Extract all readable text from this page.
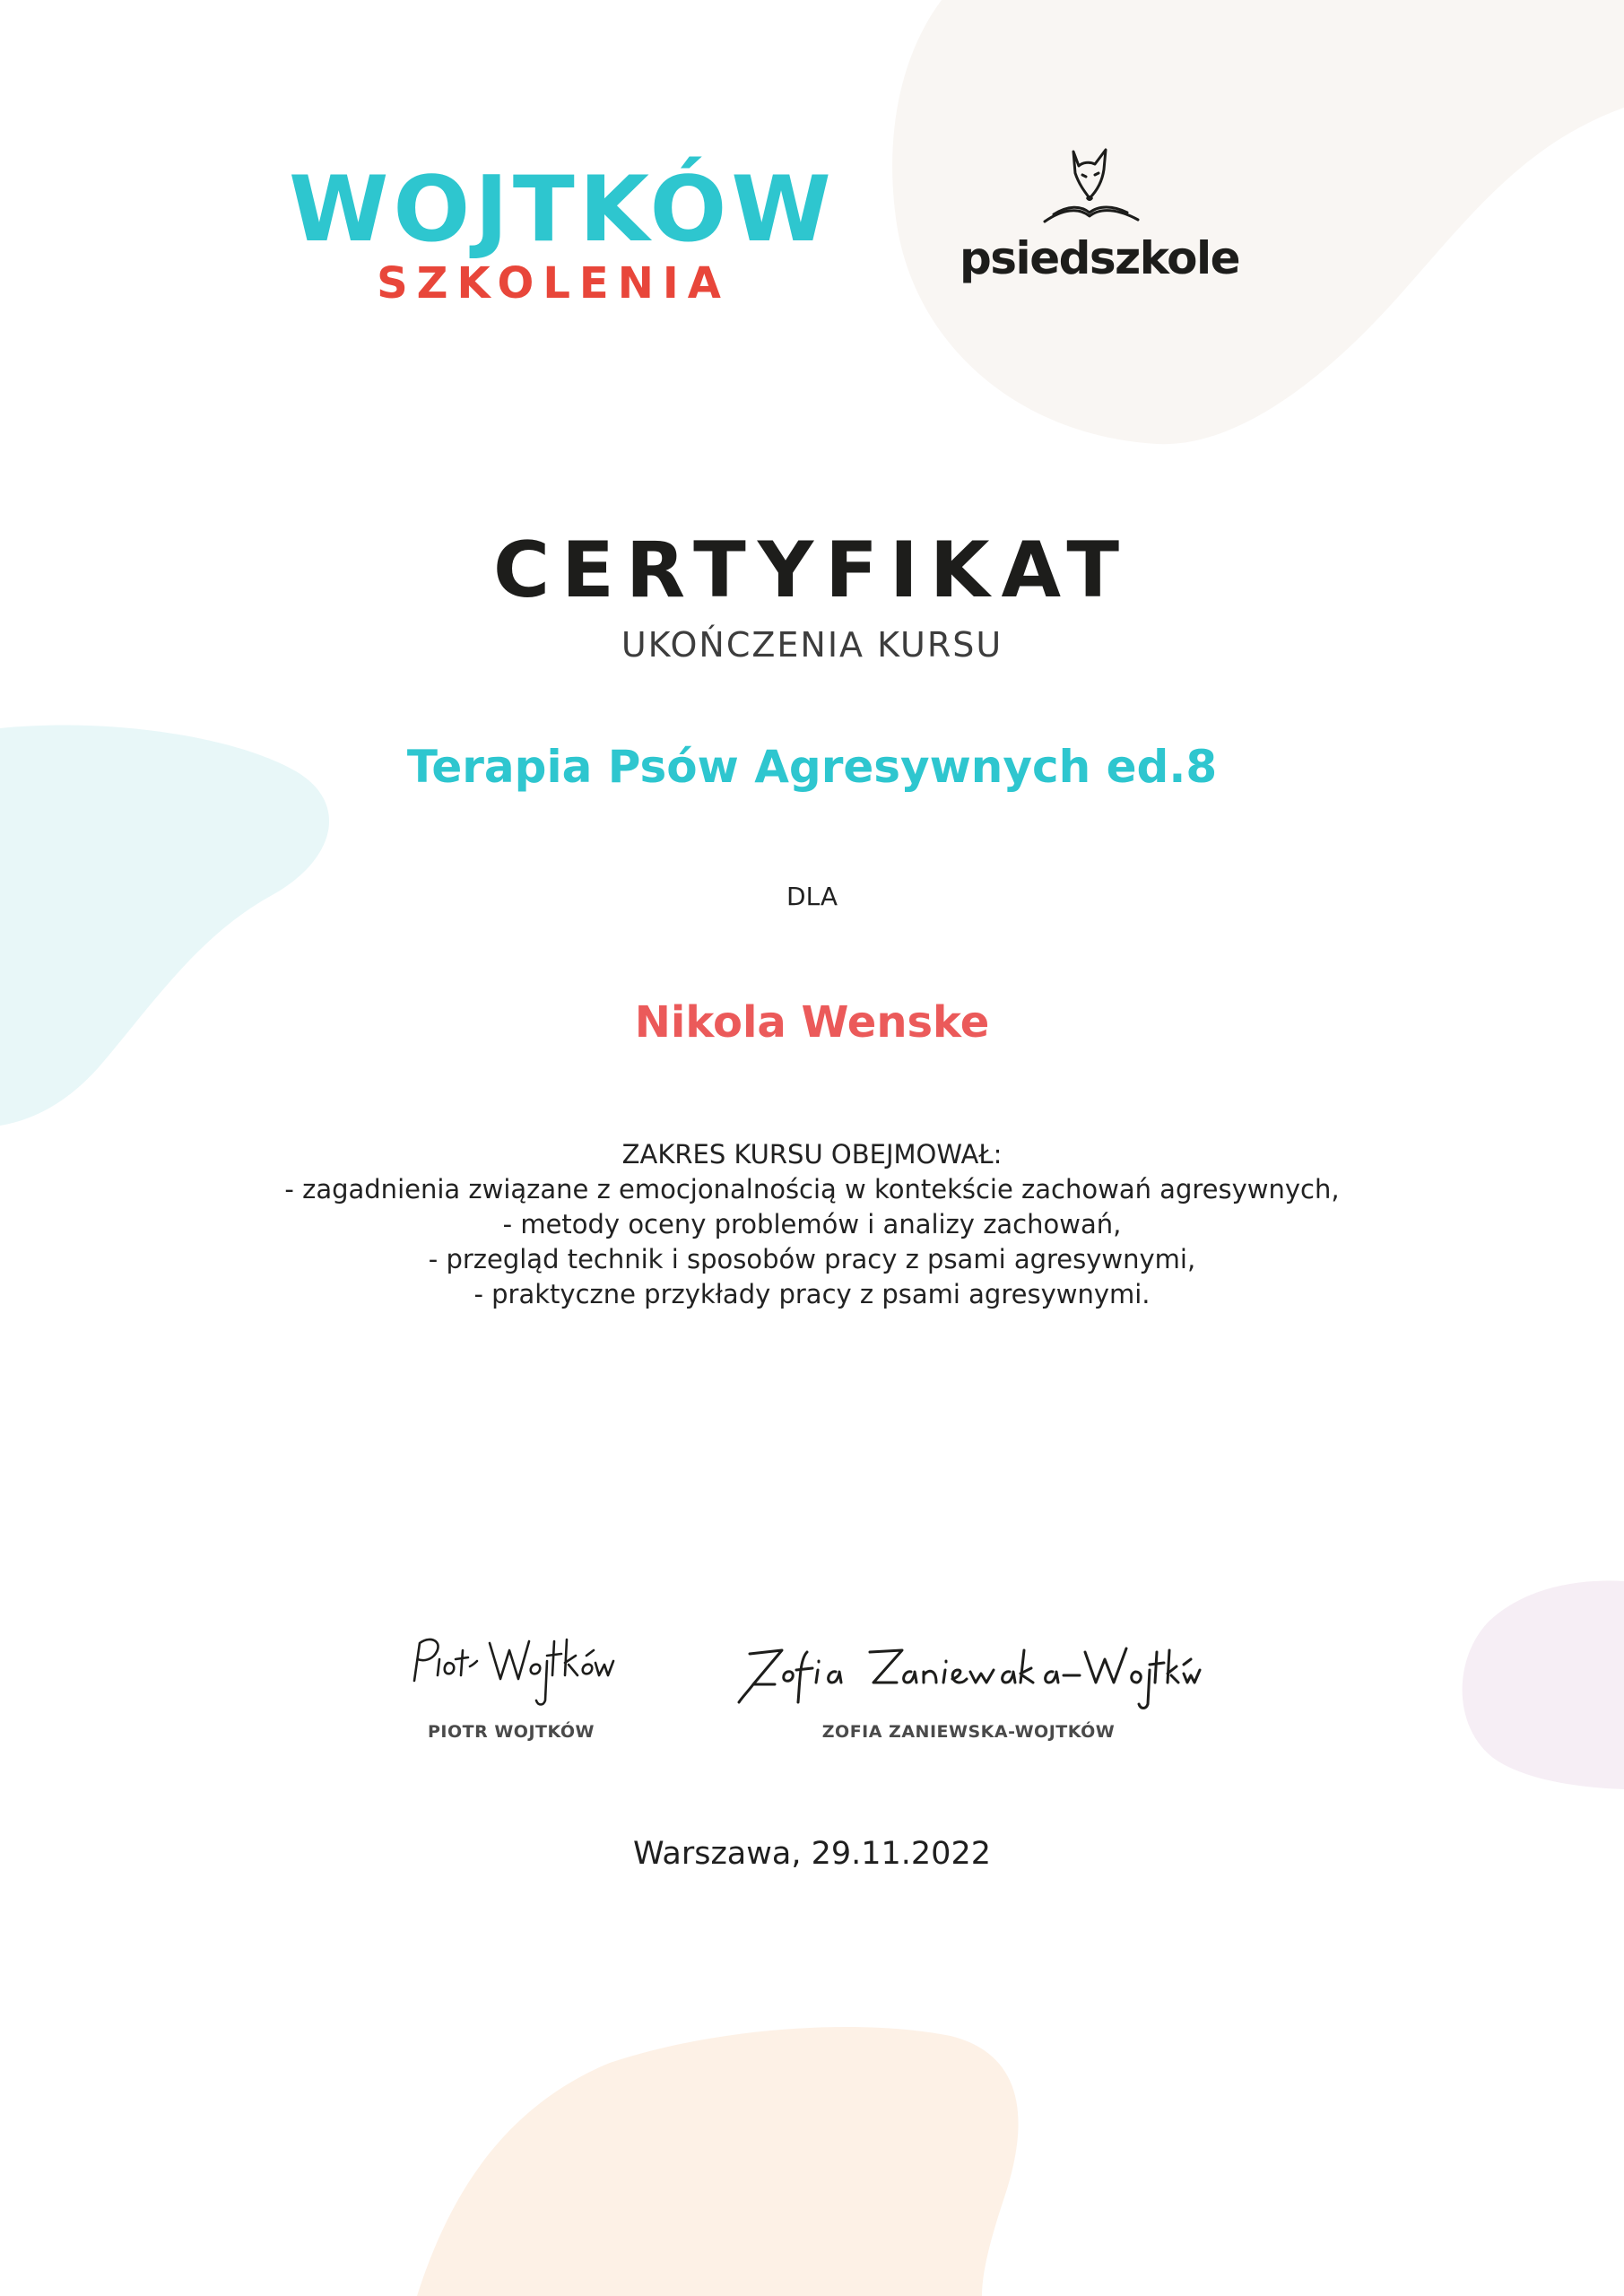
WOJTKÓW
SZKOLENIA	psiedszkole
CERTYFIKAT
UKOŃCZENIA KURSU
Terapia Psów Agresywnych ed.8
DLA
Nikola Wenske
ZAKRES KURSU OBEJMOWAŁ:
- zagadnienia związane z emocjonalnością w kontekście zachowań agresywnych,
- metody oceny problemów i analizy zachowań,
- przegląd technik i sposobów pracy z psami agresywnymi,
- praktyczne przykłady pracy z psami agresywnymi.
PIOTR WOJTKÓW	ZOFIA ZANIEWSKA-WOJTKÓW
Warszawa, 29.11.2022
